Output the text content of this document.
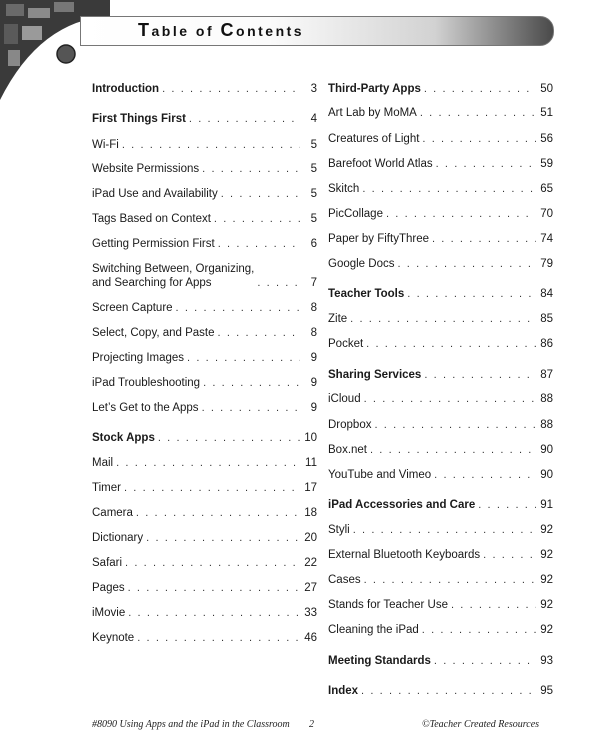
Table of Contents
Introduction . . .	3
First Things First . . .	4
Wi-Fi . . .	5
Website Permissions . . .	5
iPad Use and Availability . . .	5
Tags Based on Context . . .	5
Getting Permission First . . .	6
Switching Between, Organizing,
and Searching for Apps . . .	7
Screen Capture . . .	8
Select, Copy, and Paste . . .	8
Projecting Images . . .	9
iPad Troubleshooting . . .	9
Let’s Get to the Apps . . .	9
Stock Apps . . .	10
Mail . . .	11
Timer . . .	17
Camera . . .	18
Dictionary . . .	20
Safari . . .	22
Pages . . .	27
iMovie . . .	33
Keynote . . .	46
Third-Party Apps . . .	50
Art Lab by MoMA . . .	51
Creatures of Light . . .	56
Barefoot World Atlas . . .	59
Skitch . . .	65
PicCollage . . .	70
Paper by FiftyThree . . .	74
Google Docs . . .	79
Teacher Tools . . .	84
Zite . . .	85
Pocket . . .	86
Sharing Services . . .	87
iCloud . . .	88
Dropbox . . .	88
Box.net . . .	90
YouTube and Vimeo . . .	90
iPad Accessories and Care . . .	91
Styli . . .	92
External Bluetooth Keyboards . . .	92
Cases . . .	92
Stands for Teacher Use . . .	92
Cleaning the iPad . . .	92
Meeting Standards . . .	93
Index . . .	95
#8090 Using Apps and the iPad in the Classroom 2	©Teacher Created Resources
